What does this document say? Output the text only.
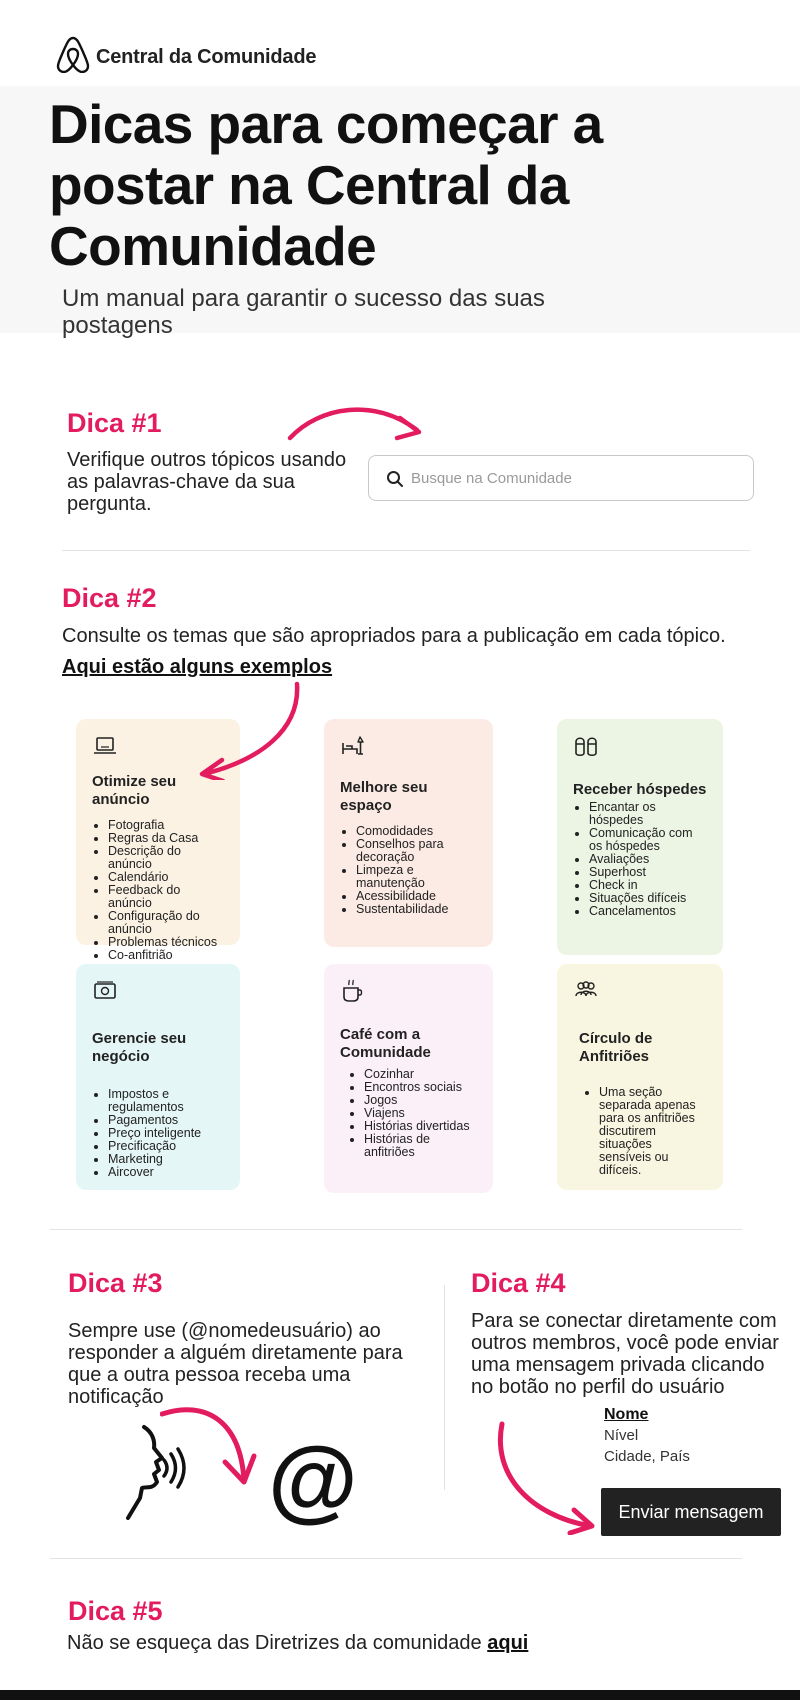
Central da Comunidade
Dicas para começar a postar na Central da Comunidade
Um manual para garantir o sucesso das suas postagens
Dica #1
Verifique outros tópicos usando as palavras-chave da sua pergunta.
Busque na Comunidade
Dica #2
Consulte os temas que são apropriados para a publicação em cada tópico.
Aqui estão alguns exemplos
Otimize seu anúncio
• Fotografia
• Regras da Casa
• Descrição do anúncio
• Calendário
• Feedback do anúncio
• Configuração do anúncio
• Problemas técnicos
• Co-anfitrião
Melhore seu espaço
• Comodidades
• Conselhos para decoração
• Limpeza e manutenção
• Acessibilidade
• Sustentabilidade
Receber hóspedes
• Encantar os hóspedes
• Comunicação com os hóspedes
• Avaliações
• Superhost
• Check in
• Situações difíceis
• Cancelamentos
Gerencie seu negócio
• Impostos e regulamentos
• Pagamentos
• Preço inteligente
• Precificação
• Marketing
• Aircover
Café com a Comunidade
• Cozinhar
• Encontros sociais
• Jogos
• Viajens
• Histórias divertidas
• Histórias de anfitriões
Círculo de Anfitriões
• Uma seção separada apenas para os anfitriões discutirem situações sensíveis ou difíceis.
Dica #3
Sempre use (@nomedeusuário) ao responder a alguém diretamente para que a outra pessoa receba uma notificação
@
Dica #4
Para se conectar diretamente com outros membros, você pode enviar uma mensagem privada clicando no botão no perfil do usuário
Nome
Nível
Cidade, País
Enviar mensagem
Dica #5
Não se esqueça das Diretrizes da comunidade aqui
